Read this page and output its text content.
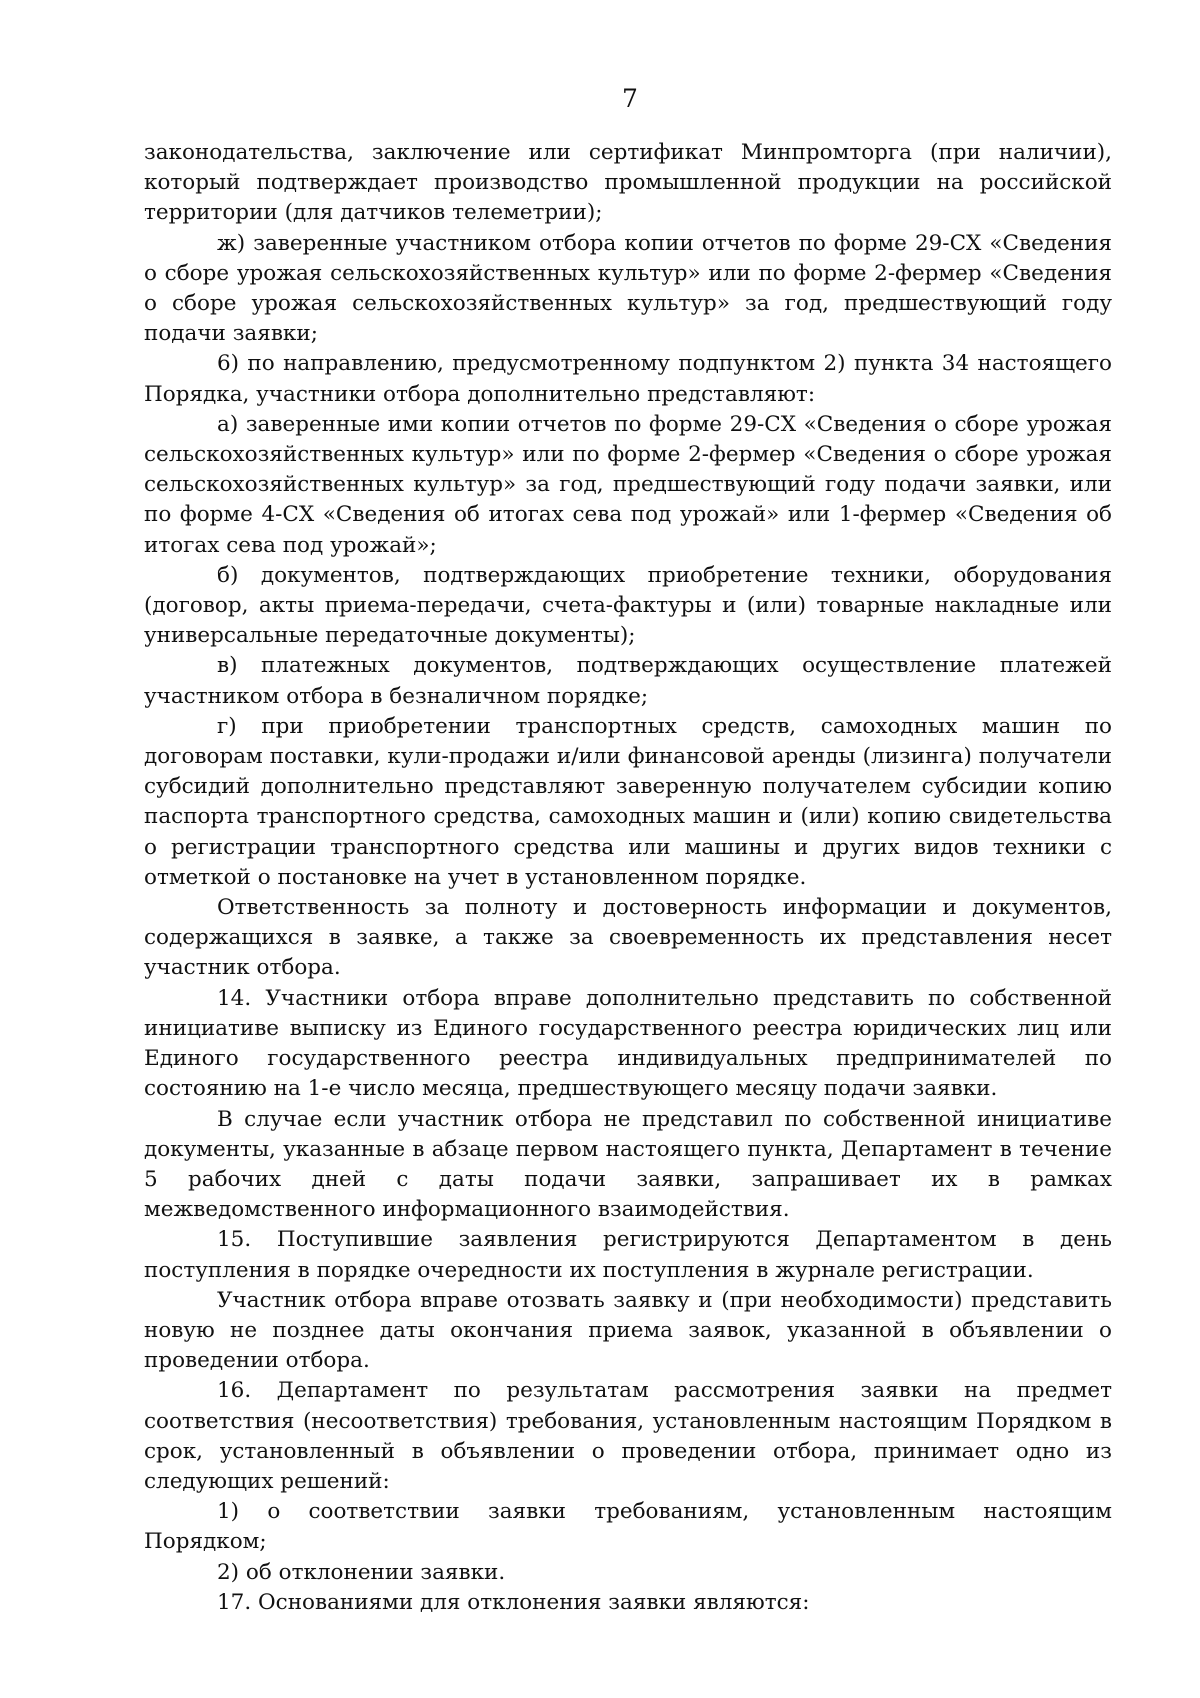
7

законодательства, заключение или сертификат Минпромторга (при наличии), который подтверждает производство промышленной продукции на российской территории (для датчиков телеметрии);

ж) заверенные участником отбора копии отчетов по форме 29-СХ «Сведения о сборе урожая сельскохозяйственных культур» или по форме 2-фермер «Сведения о сборе урожая сельскохозяйственных культур» за год, предшествующий году подачи заявки;

6) по направлению, предусмотренному подпунктом 2) пункта 34 настоящего Порядка, участники отбора дополнительно представляют:

а) заверенные ими копии отчетов по форме 29-СХ «Сведения о сборе урожая сельскохозяйственных культур» или по форме 2-фермер «Сведения о сборе урожая сельскохозяйственных культур» за год, предшествующий году подачи заявки, или по форме 4-СХ «Сведения об итогах сева под урожай» или 1-фермер «Сведения об итогах сева под урожай»;

б) документов, подтверждающих приобретение техники, оборудования (договор, акты приема-передачи, счета-фактуры и (или) товарные накладные или универсальные передаточные документы);

в) платежных документов, подтверждающих осуществление платежей участником отбора в безналичном порядке;

г) при приобретении транспортных средств, самоходных машин по договорам поставки, кули-продажи и/или финансовой аренды (лизинга) получатели субсидий дополнительно представляют заверенную получателем субсидии копию паспорта транспортного средства, самоходных машин и (или) копию свидетельства о регистрации транспортного средства или машины и других видов техники с отметкой о постановке на учет в установленном порядке.

Ответственность за полноту и достоверность информации и документов, содержащихся в заявке, а также за своевременность их представления несет участник отбора.

14. Участники отбора вправе дополнительно представить по собственной инициативе выписку из Единого государственного реестра юридических лиц или Единого государственного реестра индивидуальных предпринимателей по состоянию на 1-е число месяца, предшествующего месяцу подачи заявки.

В случае если участник отбора не представил по собственной инициативе документы, указанные в абзаце первом настоящего пункта, Департамент в течение 5 рабочих дней с даты подачи заявки, запрашивает их в рамках межведомственного информационного взаимодействия.

15. Поступившие заявления регистрируются Департаментом в день поступления в порядке очередности их поступления в журнале регистрации.

Участник отбора вправе отозвать заявку и (при необходимости) представить новую не позднее даты окончания приема заявок, указанной в объявлении о проведении отбора.

16. Департамент по результатам рассмотрения заявки на предмет соответствия (несоответствия) требования, установленным настоящим Порядком в срок, установленный в объявлении о проведении отбора, принимает одно из следующих решений:

1) о соответствии заявки требованиям, установленным настоящим Порядком;

2) об отклонении заявки.

17. Основаниями для отклонения заявки являются:
